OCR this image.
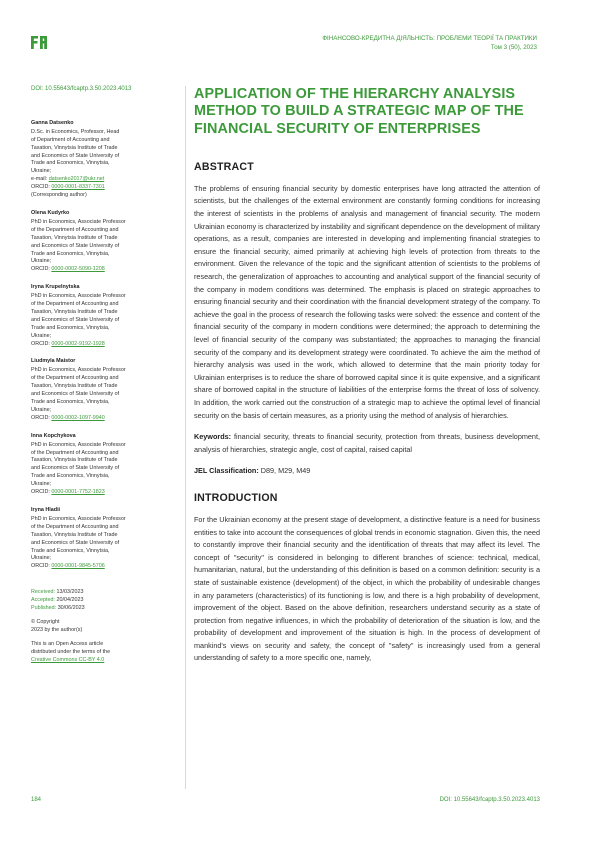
ФІНАНСОВО-КРЕДИТНА ДІЯЛЬНІСТЬ: ПРОБЛЕМИ ТЕОРІЇ ТА ПРАКТИКИ
Том 3 (50), 2023
DOI: 10.55643/fcaptp.3.50.2023.4013
Ganna Datsenko
D.Sc. in Economics, Professor, Head
of Department of Accounting and
Taxation, Vinnytsia Institute of Trade
and Economics of State University of
Trade and Economics, Vinnytsia,
Ukraine;
e-mail: datsenko2017@ukr.net
ORCID: 0000-0001-8337-7301
(Corresponding author)
Olena Kudyrko
PhD in Economics, Associate Professor
of the Department of Accounting and
Taxation, Vinnytsia Institute of Trade
and Economics of State University of
Trade and Economics, Vinnytsia,
Ukraine;
ORCID: 0000-0002-5090-1208
Iryna Krupelnytska
PhD in Economics, Associate Professor
of the Department of Accounting and
Taxation, Vinnytsia Institute of Trade
and Economics of State University of
Trade and Economics, Vinnytsia,
Ukraine;
ORCID: 0000-0002-9192-1928
Liudmyla Maistor
PhD in Economics, Associate Professor
of the Department of Accounting and
Taxation, Vinnytsia Institute of Trade
and Economics of State University of
Trade and Economics, Vinnytsia,
Ukraine;
ORCID: 0000-0002-1097-9940
Inna Kopchykova
PhD in Economics, Associate Professor
of the Department of Accounting and
Taxation, Vinnytsia Institute of Trade
and Economics of State University of
Trade and Economics, Vinnytsia,
Ukraine;
ORCID: 0000-0001-7752-1823
Iryna Hladii
PhD in Economics, Associate Professor
of the Department of Accounting and
Taxation, Vinnytsia Institute of Trade
and Economics of State University of
Trade and Economics, Vinnytsia,
Ukraine;
ORCID: 0000-0001-9845-5706
Received: 13/03/2023
Accepted: 20/04/2023
Published: 30/06/2023
© Copyright
2023 by the author(s)
This is an Open Access article
distributed under the terms of the
Creative Commons CC-BY 4.0
APPLICATION OF THE HIERARCHY ANALYSIS METHOD TO BUILD A STRATEGIC MAP OF THE FINANCIAL SECURITY OF ENTERPRISES
ABSTRACT

The problems of ensuring financial security by domestic enterprises have long attracted the attention of scientists, but the challenges of the external environment are constantly forming conditions for increasing the interest of scientists in the problems of analysis and management of financial security. The modern Ukrainian economy is characterized by instability and significant dependence on the development of military operations, as a result, companies are interested in developing and implementing financial strategies to ensure the financial security, aimed primarily at achieving high levels of protection from threats to the environment. Given the relevance of the topic and the significant attention of scientists to the problems of research, the generalization of approaches to accounting and analytical support of the financial security of the company in modern conditions was determined. The emphasis is placed on strategic approaches to ensuring financial security and their coordination with the financial development strategy of the company. To achieve the goal in the process of research the following tasks were solved: the essence and content of the financial security of the company in modern conditions were determined; the approach to determining the level of financial security of the company was substantiated; the approaches to managing the financial security of the company and its development strategy were coordinated. To achieve the aim the method of hierarchy analysis was used in the work, which allowed to determine that the main priority today for Ukrainian enterprises is to reduce the share of borrowed capital since it is quite expensive, and a significant share of borrowed capital in the structure of liabilities of the enterprise forms the threat of loss of solvency. In addition, the work carried out the construction of a strategic map to achieve the optimal level of financial security on the basis of certain measures, as a priority using the method of analysis of hierarchies.

Keywords: financial security, threats to financial security, protection from threats, business development, analysis of hierarchies, strategic angle, cost of capital, raised capital

JEL Classification: D89, M29, M49

INTRODUCTION

For the Ukrainian economy at the present stage of development, a distinctive feature is a need for business entities to take into account the consequences of global trends in economic stagnation. Given this, the need to constantly improve their financial security and the identification of threats that may affect its level. The concept of "security" is considered in belonging to different branches of science: technical, medical, humanitarian, natural, but the understanding of this definition is based on a common definition: security is a state of sustainable existence (development) of the object, in which the probability of undesirable changes in any parameters (characteristics) of its functioning is low, and there is a high probability of development, improvement of the object. Based on the above definition, researchers understand security as a state of protection from negative influences, in which the probability of deterioration of the situation is low, and the probability of development and improvement of the situation is high. In the process of development of mankind's views on security and safety, the concept of "safety" is increasingly used from a general understanding of safety to a more specific one, namely,

184	DOI: 10.55643/fcaptp.3.50.2023.4013
